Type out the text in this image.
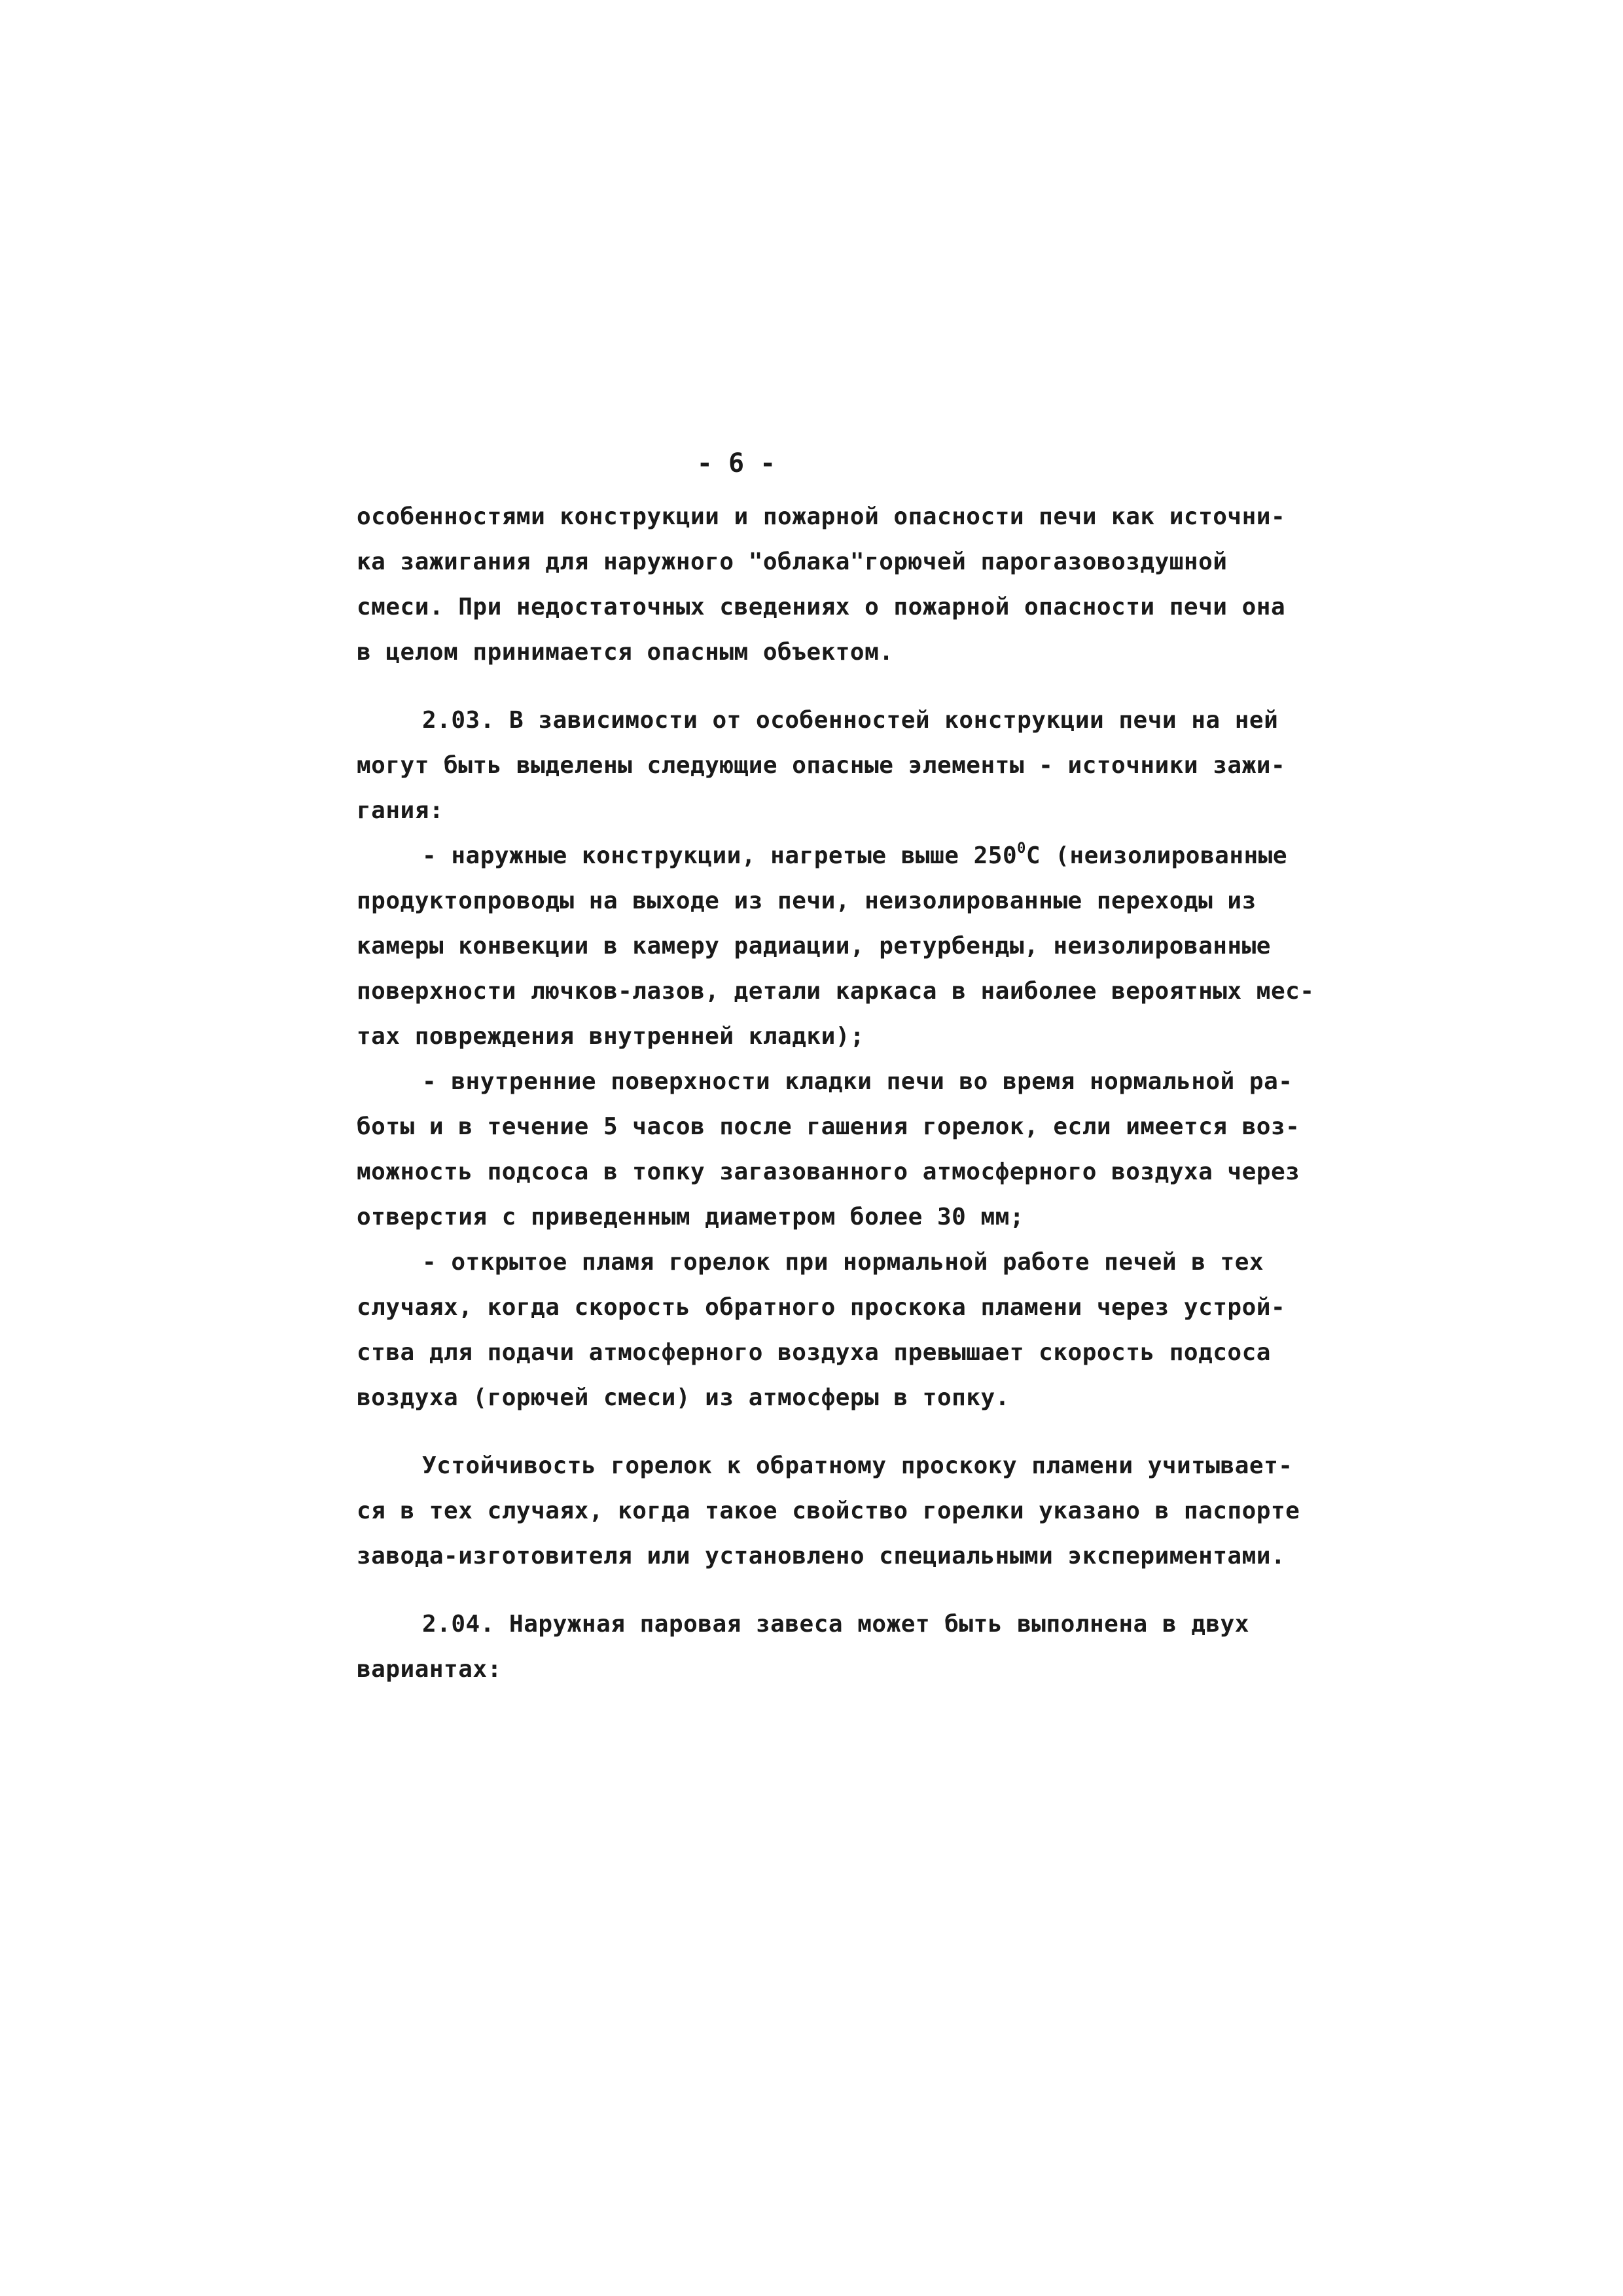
- 6 -
особенностями конструкции и пожарной опасности печи как источни-
ка зажигания для наружного "облака"горючей парогазовоздушной
смеси. При недостаточных сведениях о пожарной опасности печи она
в целом принимается опасным объектом.
2.03. В зависимости от особенностей конструкции печи на ней
могут быть выделены следующие опасные элементы - источники зажи-
гания:
- наружные конструкции, нагретые выше $250^0С$ (неизолированные
продуктопроводы на выходе из печи, неизолированные переходы из
камеры конвекции в камеру радиации, ретурбенды, неизолированные
поверхности лючков-лазов, детали каркаса в наиболее вероятных мес-
тах повреждения внутренней кладки);
- внутренние поверхности кладки печи во время нормальной ра-
боты и в течение 5 часов после гашения горелок, если имеется воз-
можность подсоса в топку загазованного атмосферного воздуха через
отверстия с приведенным диаметром более 30 мм;
- открытое пламя горелок при нормальной работе печей в тех
случаях, когда скорость обратного проскока пламени через устрой-
ства для подачи атмосферного воздуха превышает скорость подсоса
воздуха (горючей смеси) из атмосферы в топку.
Устойчивость горелок к обратному проскоку пламени учитывает-
ся в тех случаях, когда такое свойство горелки указано в паспорте
завода-изготовителя или установлено специальными экспериментами.
2.04. Наружная паровая завеса может быть выполнена в двух
вариантах:
